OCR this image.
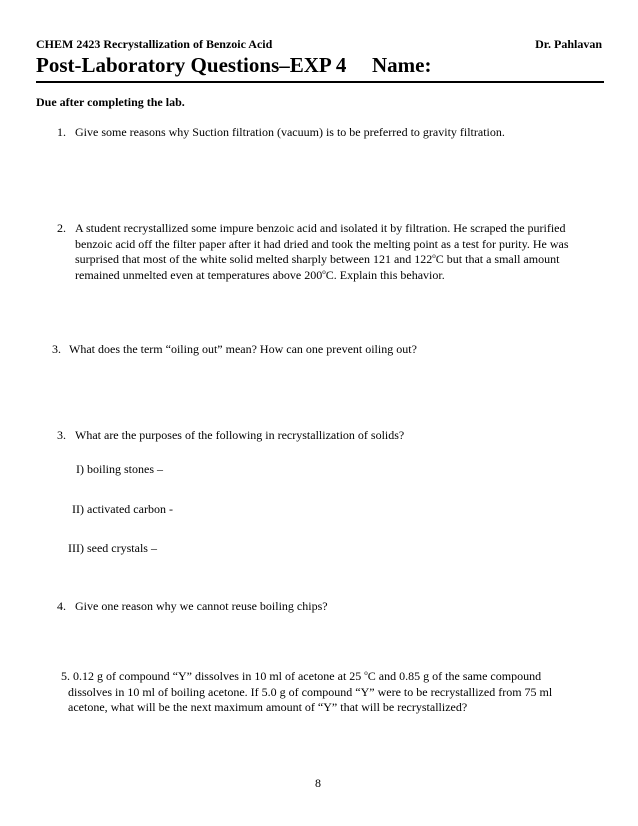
CHEM 2423 Recrystallization of Benzoic Acid	Dr. Pahlavan
Post-Laboratory Questions–EXP 4 Name:
Due after completing the lab.
1. Give some reasons why Suction filtration (vacuum) is to be preferred to gravity filtration.
2. A student recrystallized some impure benzoic acid and isolated it by filtration. He scraped the purified
benzoic acid off the filter paper after it had dried and took the melting point as a test for purity. He was
surprised that most of the white solid melted sharply between 121 and 122$^o$C but that a small amount
remained unmelted even at temperatures above 200$^o$C. Explain this behavior.
3. What does the term “oiling out” mean? How can one prevent oiling out?
3. What are the purposes of the following in recrystallization of solids?
I) boiling stones –
II) activated carbon -
III) seed crystals –
4. Give one reason why we cannot reuse boiling chips?
5. 0.12 g of compound “Y” dissolves in 10 ml of acetone at 25 $^o$C and 0.85 g of the same compound
dissolves in 10 ml of boiling acetone. If 5.0 g of compound “Y” were to be recrystallized from 75 ml
acetone, what will be the next maximum amount of “Y” that will be recrystallized?
8
